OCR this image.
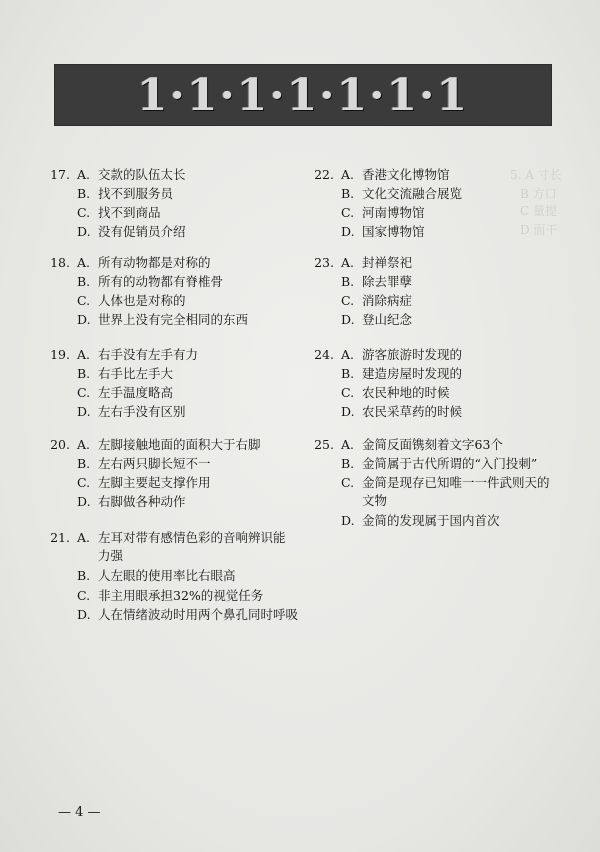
1·1·1·1·1·1·1
5. A 寸长
B 方口
C 量提
D 面干
17. A. 交款的队伍太长
B. 找不到服务员
C. 找不到商品
D. 没有促销员介绍
18. A. 所有动物都是对称的
B. 所有的动物都有脊椎骨
C. 人体也是对称的
D. 世界上没有完全相同的东西
19. A. 右手没有左手有力
B. 右手比左手大
C. 左手温度略高
D. 左右手没有区别
20. A. 左脚接触地面的面积大于右脚
B. 左右两只脚长短不一
C. 左脚主要起支撑作用
D. 右脚做各种动作
21. A. 左耳对带有感情色彩的音响辨识能
力强
B. 人左眼的使用率比右眼高
C. 非主用眼承担32%的视觉任务
D. 人在情绪波动时用两个鼻孔同时呼吸
22. A. 香港文化博物馆
B. 文化交流融合展览
C. 河南博物馆
D. 国家博物馆
23. A. 封禅祭祀
B. 除去罪孽
C. 消除病症
D. 登山纪念
24. A. 游客旅游时发现的
B. 建造房屋时发现的
C. 农民种地的时候
D. 农民采草药的时候
25. A. 金简反面镌刻着文字63个
B. 金简属于古代所谓的“入门投刺”
C. 金简是现存已知唯一一件武则天的
文物
D. 金简的发现属于国内首次
— 4 —
